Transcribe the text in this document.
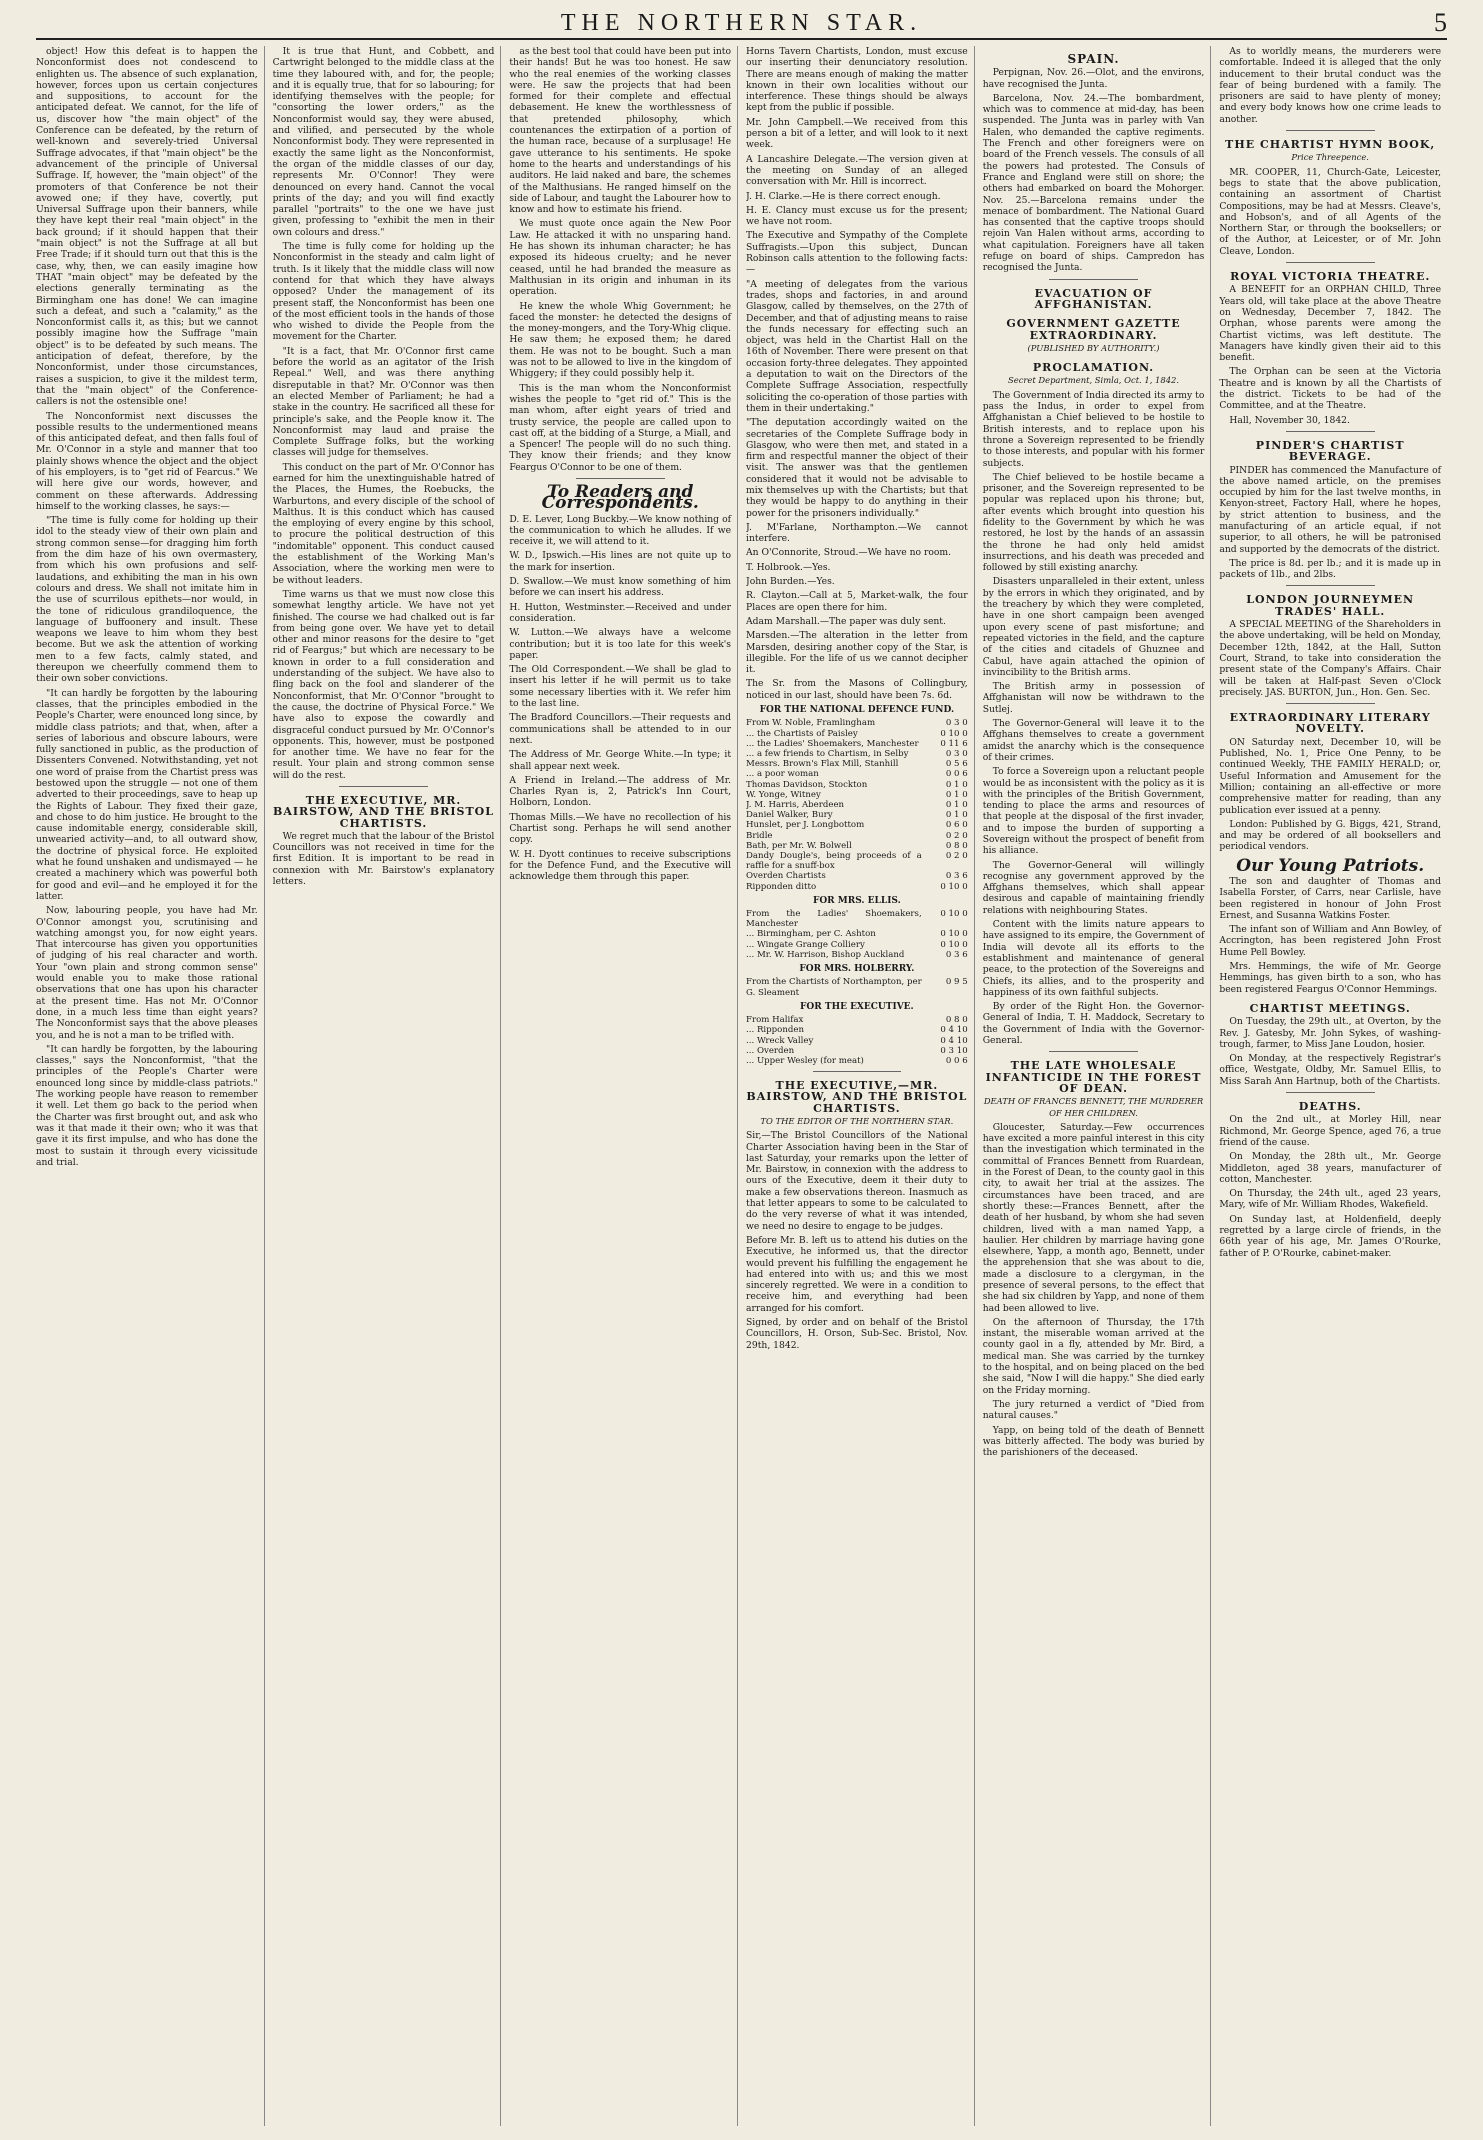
THE NORTHERN STAR.	5

object! How this defeat is to happen the Nonconformist does not condescend to enlighten us. The absence of such explanation, however, forces upon us certain conjectures and suppositions, to account for the anticipated defeat. We cannot, for the life of us, discover how "the main object" of the Conference can be defeated, by the return of well-known and severely-tried Universal Suffrage advocates, if that "main object" be the advancement of the principle of Universal Suffrage. If, however, the "main object" of the promoters of that Conference be not their avowed one; if they have, covertly, put Universal Suffrage upon their banners, while they have kept their real "main object" in the back ground; if it should happen that their "main object" is not the Suffrage at all but Free Trade; if it should turn out that this is the case, why, then, we can easily imagine how THAT "main object" may be defeated by the elections generally terminating as the Birmingham one has done! We can imagine such a defeat, and such a "calamity," as the Nonconformist calls it, as this; but we cannot possibly imagine how the Suffrage "main object" is to be defeated by such means. The anticipation of defeat, therefore, by the Nonconformist, under those circumstances, raises a suspicion, to give it the mildest term, that the "main object" of the Conference-callers is not the ostensible one!

The Nonconformist next discusses the possible results to the undermentioned means of this anticipated defeat, and then falls foul of Mr. O'Connor in a style and manner that too plainly shows whence the object and the object of his employers, is to "get rid of Fearcus." We will here give our words, however, and comment on these afterwards. Addressing himself to the working classes, he says:—

"The time is fully come for holding up their idol to the steady view of their own plain and strong common sense—for dragging him forth from the dim haze of his own overmastery, from which his own profusions and self-laudations, and exhibiting the man in his own colours and dress. We shall not imitate him in the use of scurrilous epithets—nor would, in the tone of ridiculous grandiloquence, the language of buffoonery and insult. These weapons we leave to him whom they best become. But we ask the attention of working men to a few facts, calmly stated, and thereupon we cheerfully commend them to their own sober convictions.

"It can hardly be forgotten by the labouring classes, that the principles embodied in the People's Charter, were enounced long since, by middle class patriots; and that, when, after a series of laborious and obscure labours, were fully sanctioned in public, as the production of Dissenters Convened. Notwithstanding, yet not one word of praise from the Chartist press was bestowed upon the struggle — not one of them adverted to their proceedings, save to heap up the Rights of Labour. They fixed their gaze, and chose to do him justice. He brought to the cause indomitable energy, considerable skill, unwearied activity—and, to all outward show, the doctrine of physical force. He exploited what he found unshaken and undismayed — he created a machinery which was powerful both for good and evil—and he employed it for the latter.

Now, labouring people, you have had Mr. O'Connor amongst you, scrutinising and watching amongst you, for now eight years. That intercourse has given you opportunities of judging of his real character and worth. Your "own plain and strong common sense" would enable you to make those rational observations that one has upon his character at the present time. Has not Mr. O'Connor done, in a much less time than eight years? The Nonconformist says that the above pleases you, and he is not a man to be trifled with.

"It can hardly be forgotten, by the labouring classes," says the Nonconformist, "that the principles of the People's Charter were enounced long since by middle-class patriots." The working people have reason to remember it well. Let them go back to the period when the Charter was first brought out, and ask who was it that made it their own; who it was that gave it its first impulse, and who has done the most to sustain it through every vicissitude and trial.

It is true that Hunt, and Cobbett, and Cartwright belonged to the middle class at the time they laboured with, and for, the people; and it is equally true, that for so labouring; for identifying themselves with the people; for "consorting the lower orders," as the Nonconformist would say, they were abused, and vilified, and persecuted by the whole Nonconformist body. They were represented in exactly the same light as the Nonconformist, the organ of the middle classes of our day, represents Mr. O'Connor! They were denounced on every hand. Cannot the vocal prints of the day; and you will find exactly parallel "portraits" to the one we have just given, professing to "exhibit the men in their own colours and dress."

The time is fully come for holding up the Nonconformist in the steady and calm light of truth. Is it likely that the middle class will now contend for that which they have always opposed? Under the management of its present staff, the Nonconformist has been one of the most efficient tools in the hands of those who wished to divide the People from the movement for the Charter.

"It is a fact, that Mr. O'Connor first came before the world as an agitator of the Irish Repeal." Well, and was there anything disreputable in that? Mr. O'Connor was then an elected Member of Parliament; he had a stake in the country. He sacrificed all these for principle's sake, and the People know it. The Nonconformist may laud and praise the Complete Suffrage folks, but the working classes will judge for themselves.

This conduct on the part of Mr. O'Connor has earned for him the unextinguishable hatred of the Places, the Humes, the Roebucks, the Warburtons, and every disciple of the school of Malthus. It is this conduct which has caused the employing of every engine by this school, to procure the political destruction of this "indomitable" opponent. This conduct caused the establishment of the Working Man's Association, where the working men were to be without leaders.

Time warns us that we must now close this somewhat lengthy article. We have not yet finished. The course we had chalked out is far from being gone over. We have yet to detail other and minor reasons for the desire to "get rid of Feargus;" but which are necessary to be known in order to a full consideration and understanding of the subject. We have also to fling back on the fool and slanderer of the Nonconformist, that Mr. O'Connor "brought to the cause, the doctrine of Physical Force." We have also to expose the cowardly and disgraceful conduct pursued by Mr. O'Connor's opponents. This, however, must be postponed for another time. We have no fear for the result. Your plain and strong common sense will do the rest.

THE EXECUTIVE, MR. BAIRSTOW, AND THE BRISTOL CHARTISTS.

We regret much that the labour of the Bristol Councillors was not received in time for the first Edition. It is important to be read in connexion with Mr. Bairstow's explanatory letters.

as the best tool that could have been put into their hands! But he was too honest. He saw who the real enemies of the working classes were. He saw the projects that had been formed for their complete and effectual debasement. He knew the worthlessness of that pretended philosophy, which countenances the extirpation of a portion of the human race, because of a surplusage! He gave utterance to his sentiments. He spoke home to the hearts and understandings of his auditors. He laid naked and bare, the schemes of the Malthusians. He ranged himself on the side of Labour, and taught the Labourer how to know and how to estimate his friend.

We must quote once again the New Poor Law. He attacked it with no unsparing hand. He has shown its inhuman character; he has exposed its hideous cruelty; and he never ceased, until he had branded the measure as Malthusian in its origin and inhuman in its operation.

He knew the whole Whig Government; he faced the monster: he detected the designs of the money-mongers, and the Tory-Whig clique. He saw them; he exposed them; he dared them. He was not to be bought. Such a man was not to be allowed to live in the kingdom of Whiggery; if they could possibly help it.

This is the man whom the Nonconformist wishes the people to "get rid of." This is the man whom, after eight years of tried and trusty service, the people are called upon to cast off, at the bidding of a Sturge, a Miall, and a Spencer! The people will do no such thing. They know their friends; and they know Feargus O'Connor to be one of them.

To Readers and Correspondents.

D. E. Lever, Long Buckby.—We know nothing of the communication to which he alludes. If we receive it, we will attend to it.

W. D., Ipswich.—His lines are not quite up to the mark for insertion.

D. Swallow.—We must know something of him before we can insert his address.

H. Hutton, Westminster.—Received and under consideration.

W. Lutton.—We always have a welcome contribution; but it is too late for this week's paper.

The Old Correspondent.—We shall be glad to insert his letter if he will permit us to take some necessary liberties with it. We refer him to the last line.

The Bradford Councillors.—Their requests and communications shall be attended to in our next.

The Address of Mr. George White.—In type; it shall appear next week.

A Friend in Ireland.—The address of Mr. Charles Ryan is, 2, Patrick's Inn Court, Holborn, London.

Thomas Mills.—We have no recollection of his Chartist song. Perhaps he will send another copy.

W. H. Dyott continues to receive subscriptions for the Defence Fund, and the Executive will acknowledge them through this paper.

Horns Tavern Chartists, London, must excuse our inserting their denunciatory resolution. There are means enough of making the matter known in their own localities without our interference. These things should be always kept from the public if possible.

Mr. John Campbell.—We received from this person a bit of a letter, and will look to it next week.

A Lancashire Delegate.—The version given at the meeting on Sunday of an alleged conversation with Mr. Hill is incorrect.

J. H. Clarke.—He is there correct enough.

H. E. Clancy must excuse us for the present; we have not room.

The Executive and Sympathy of the Complete Suffragists.—Upon this subject, Duncan Robinson calls attention to the following facts:—

"A meeting of delegates from the various trades, shops and factories, in and around Glasgow, called by themselves, on the 27th of December, and that of adjusting means to raise the funds necessary for effecting such an object, was held in the Chartist Hall on the 16th of November. There were present on that occasion forty-three delegates. They appointed a deputation to wait on the Directors of the Complete Suffrage Association, respectfully soliciting the co-operation of those parties with them in their undertaking."

"The deputation accordingly waited on the secretaries of the Complete Suffrage body in Glasgow, who were then met, and stated in a firm and respectful manner the object of their visit. The answer was that the gentlemen considered that it would not be advisable to mix themselves up with the Chartists; but that they would be happy to do anything in their power for the prisoners individually."

J. M'Farlane, Northampton.—We cannot interfere.

An O'Connorite, Stroud.—We have no room.

T. Holbrook.—Yes.

John Burden.—Yes.

R. Clayton.—Call at 5, Market-walk, the four Places are open there for him.

Adam Marshall.—The paper was duly sent.

Marsden.—The alteration in the letter from Marsden, desiring another copy of the Star, is illegible. For the life of us we cannot decipher it.

The Sr. from the Masons of Collingbury, noticed in our last, should have been 7s. 6d.

FOR THE NATIONAL DEFENCE FUND.
From W. Noble, Framlingham	0 3 0
... the Chartists of Paisley	0 10 0
... the Ladies' Shoemakers, Manchester	0 11 6
... a few friends to Chartism, in Selby	0 3 0
Messrs. Brown's Flax Mill, Stanhill	0 5 6
... a poor woman	0 0 6
Thomas Davidson, Stockton	0 1 0
W. Yonge, Witney	0 1 0
J. M. Harris, Aberdeen	0 1 0
Daniel Walker, Bury	0 1 0
Hunslet, per J. Longbottom	0 6 0
Bridle	0 2 0
Bath, per Mr. W. Bolwell	0 8 0
Dandy Dougle's, being proceeds of a raffle for a snuff-box	0 2 0
Overden Chartists	0 3 6
Ripponden ditto	0 10 0
FOR MRS. ELLIS.
From the Ladies' Shoemakers, Manchester	0 10 0
... Birmingham, per C. Ashton	0 10 0
... Wingate Grange Colliery	0 10 0
... Mr. W. Harrison, Bishop Auckland	0 3 6
FOR MRS. HOLBERRY.
From the Chartists of Northampton, per G. Sleament	0 9 5
FOR THE EXECUTIVE.
From Halifax	0 8 0
... Ripponden	0 4 10
... Wreck Valley	0 4 10
... Overden	0 3 10
... Upper Wesley (for meat)	0 0 6
THE EXECUTIVE,—MR. BAIRSTOW, AND THE BRISTOL CHARTISTS.
TO THE EDITOR OF THE NORTHERN STAR.

Sir,—The Bristol Councillors of the National Charter Association having been in the Star of last Saturday, your remarks upon the letter of Mr. Bairstow, in connexion with the address to ours of the Executive, deem it their duty to make a few observations thereon. Inasmuch as that letter appears to some to be calculated to do the very reverse of what it was intended, we need no desire to engage to be judges.

Before Mr. B. left us to attend his duties on the Executive, he informed us, that the director would prevent his fulfilling the engagement he had entered into with us; and this we most sincerely regretted. We were in a condition to receive him, and everything had been arranged for his comfort.

Signed, by order and on behalf of the Bristol Councillors, H. Orson, Sub-Sec. Bristol, Nov. 29th, 1842.

SPAIN.

Perpignan, Nov. 26.—Olot, and the environs, have recognised the Junta.

Barcelona, Nov. 24.—The bombardment, which was to commence at mid-day, has been suspended. The Junta was in parley with Van Halen, who demanded the captive regiments. The French and other foreigners were on board of the French vessels. The consuls of all the powers had protested. The Consuls of France and England were still on shore; the others had embarked on board the Mohorger. Nov. 25.—Barcelona remains under the menace of bombardment. The National Guard has consented that the captive troops should rejoin Van Halen without arms, according to what capitulation. Foreigners have all taken refuge on board of ships. Campredon has recognised the Junta.

EVACUATION OF AFFGHANISTAN.
GOVERNMENT GAZETTE EXTRAORDINARY.
(PUBLISHED BY AUTHORITY.)
PROCLAMATION.
Secret Department, Simla, Oct. 1, 1842.

The Government of India directed its army to pass the Indus, in order to expel from Affghanistan a Chief believed to be hostile to British interests, and to replace upon his throne a Sovereign represented to be friendly to those interests, and popular with his former subjects.

The Chief believed to be hostile became a prisoner, and the Sovereign represented to be popular was replaced upon his throne; but, after events which brought into question his fidelity to the Government by which he was restored, he lost by the hands of an assassin the throne he had only held amidst insurrections, and his death was preceded and followed by still existing anarchy.

Disasters unparalleled in their extent, unless by the errors in which they originated, and by the treachery by which they were completed, have in one short campaign been avenged upon every scene of past misfortune; and repeated victories in the field, and the capture of the cities and citadels of Ghuznee and Cabul, have again attached the opinion of invincibility to the British arms.

The British army in possession of Affghanistan will now be withdrawn to the Sutlej.

The Governor-General will leave it to the Affghans themselves to create a government amidst the anarchy which is the consequence of their crimes.

To force a Sovereign upon a reluctant people would be as inconsistent with the policy as it is with the principles of the British Government, tending to place the arms and resources of that people at the disposal of the first invader, and to impose the burden of supporting a Sovereign without the prospect of benefit from his alliance.

The Governor-General will willingly recognise any government approved by the Affghans themselves, which shall appear desirous and capable of maintaining friendly relations with neighbouring States.

Content with the limits nature appears to have assigned to its empire, the Government of India will devote all its efforts to the establishment and maintenance of general peace, to the protection of the Sovereigns and Chiefs, its allies, and to the prosperity and happiness of its own faithful subjects.

By order of the Right Hon. the Governor-General of India, T. H. Maddock, Secretary to the Government of India with the Governor-General.

THE LATE WHOLESALE INFANTICIDE IN THE FOREST OF DEAN.
DEATH OF FRANCES BENNETT, THE MURDERER OF HER CHILDREN.

Gloucester, Saturday.—Few occurrences have excited a more painful interest in this city than the investigation which terminated in the committal of Frances Bennett from Ruardean, in the Forest of Dean, to the county gaol in this city, to await her trial at the assizes. The circumstances have been traced, and are shortly these:—Frances Bennett, after the death of her husband, by whom she had seven children, lived with a man named Yapp, a haulier. Her children by marriage having gone elsewhere, Yapp, a month ago, Bennett, under the apprehension that she was about to die, made a disclosure to a clergyman, in the presence of several persons, to the effect that she had six children by Yapp, and none of them had been allowed to live.

On the afternoon of Thursday, the 17th instant, the miserable woman arrived at the county gaol in a fly, attended by Mr. Bird, a medical man. She was carried by the turnkey to the hospital, and on being placed on the bed she said, "Now I will die happy." She died early on the Friday morning.

The jury returned a verdict of "Died from natural causes."

Yapp, on being told of the death of Bennett was bitterly affected. The body was buried by the parishioners of the deceased.

As to worldly means, the murderers were comfortable. Indeed it is alleged that the only inducement to their brutal conduct was the fear of being burdened with a family. The prisoners are said to have plenty of money; and every body knows how one crime leads to another.

THE CHARTIST HYMN BOOK,
Price Threepence.

MR. COOPER, 11, Church-Gate, Leicester, begs to state that the above publication, containing an assortment of Chartist Compositions, may be had at Messrs. Cleave's, and Hobson's, and of all Agents of the Northern Star, or through the booksellers; or of the Author, at Leicester, or of Mr. John Cleave, London.

ROYAL VICTORIA THEATRE.

A BENEFIT for an ORPHAN CHILD, Three Years old, will take place at the above Theatre on Wednesday, December 7, 1842. The Orphan, whose parents were among the Chartist victims, was left destitute. The Managers have kindly given their aid to this benefit.

The Orphan can be seen at the Victoria Theatre and is known by all the Chartists of the district. Tickets to be had of the Committee, and at the Theatre.

Hall, November 30, 1842.

PINDER'S CHARTIST BEVERAGE.

PINDER has commenced the Manufacture of the above named article, on the premises occupied by him for the last twelve months, in Kenyon-street, Factory Hall, where he hopes, by strict attention to business, and the manufacturing of an article equal, if not superior, to all others, he will be patronised and supported by the democrats of the district.

The price is 8d. per lb.; and it is made up in packets of 1lb., and 2lbs.

LONDON JOURNEYMEN TRADES' HALL.

A SPECIAL MEETING of the Shareholders in the above undertaking, will be held on Monday, December 12th, 1842, at the Hall, Sutton Court, Strand, to take into consideration the present state of the Company's Affairs. Chair will be taken at Half-past Seven o'Clock precisely. JAS. BURTON, Jun., Hon. Gen. Sec.

EXTRAORDINARY LITERARY NOVELTY.

ON Saturday next, December 10, will be Published, No. 1, Price One Penny, to be continued Weekly, THE FAMILY HERALD; or, Useful Information and Amusement for the Million; containing an all-effective or more comprehensive matter for reading, than any publication ever issued at a penny.

London: Published by G. Biggs, 421, Strand, and may be ordered of all booksellers and periodical vendors.

Our Young Patriots.

The son and daughter of Thomas and Isabella Forster, of Carrs, near Carlisle, have been registered in honour of John Frost Ernest, and Susanna Watkins Foster.

The infant son of William and Ann Bowley, of Accrington, has been registered John Frost Hume Pell Bowley.

Mrs. Hemmings, the wife of Mr. George Hemmings, has given birth to a son, who has been registered Feargus O'Connor Hemmings.

CHARTIST MEETINGS.

On Tuesday, the 29th ult., at Overton, by the Rev. J. Gatesby, Mr. John Sykes, of washing-trough, farmer, to Miss Jane Loudon, hosier.

On Monday, at the respectively Registrar's office, Westgate, Oldby, Mr. Samuel Ellis, to Miss Sarah Ann Hartnup, both of the Chartists.

DEATHS.

On the 2nd ult., at Morley Hill, near Richmond, Mr. George Spence, aged 76, a true friend of the cause.

On Monday, the 28th ult., Mr. George Middleton, aged 38 years, manufacturer of cotton, Manchester.

On Thursday, the 24th ult., aged 23 years, Mary, wife of Mr. William Rhodes, Wakefield.

On Sunday last, at Holdenfield, deeply regretted by a large circle of friends, in the 66th year of his age, Mr. James O'Rourke, father of P. O'Rourke, cabinet-maker.
